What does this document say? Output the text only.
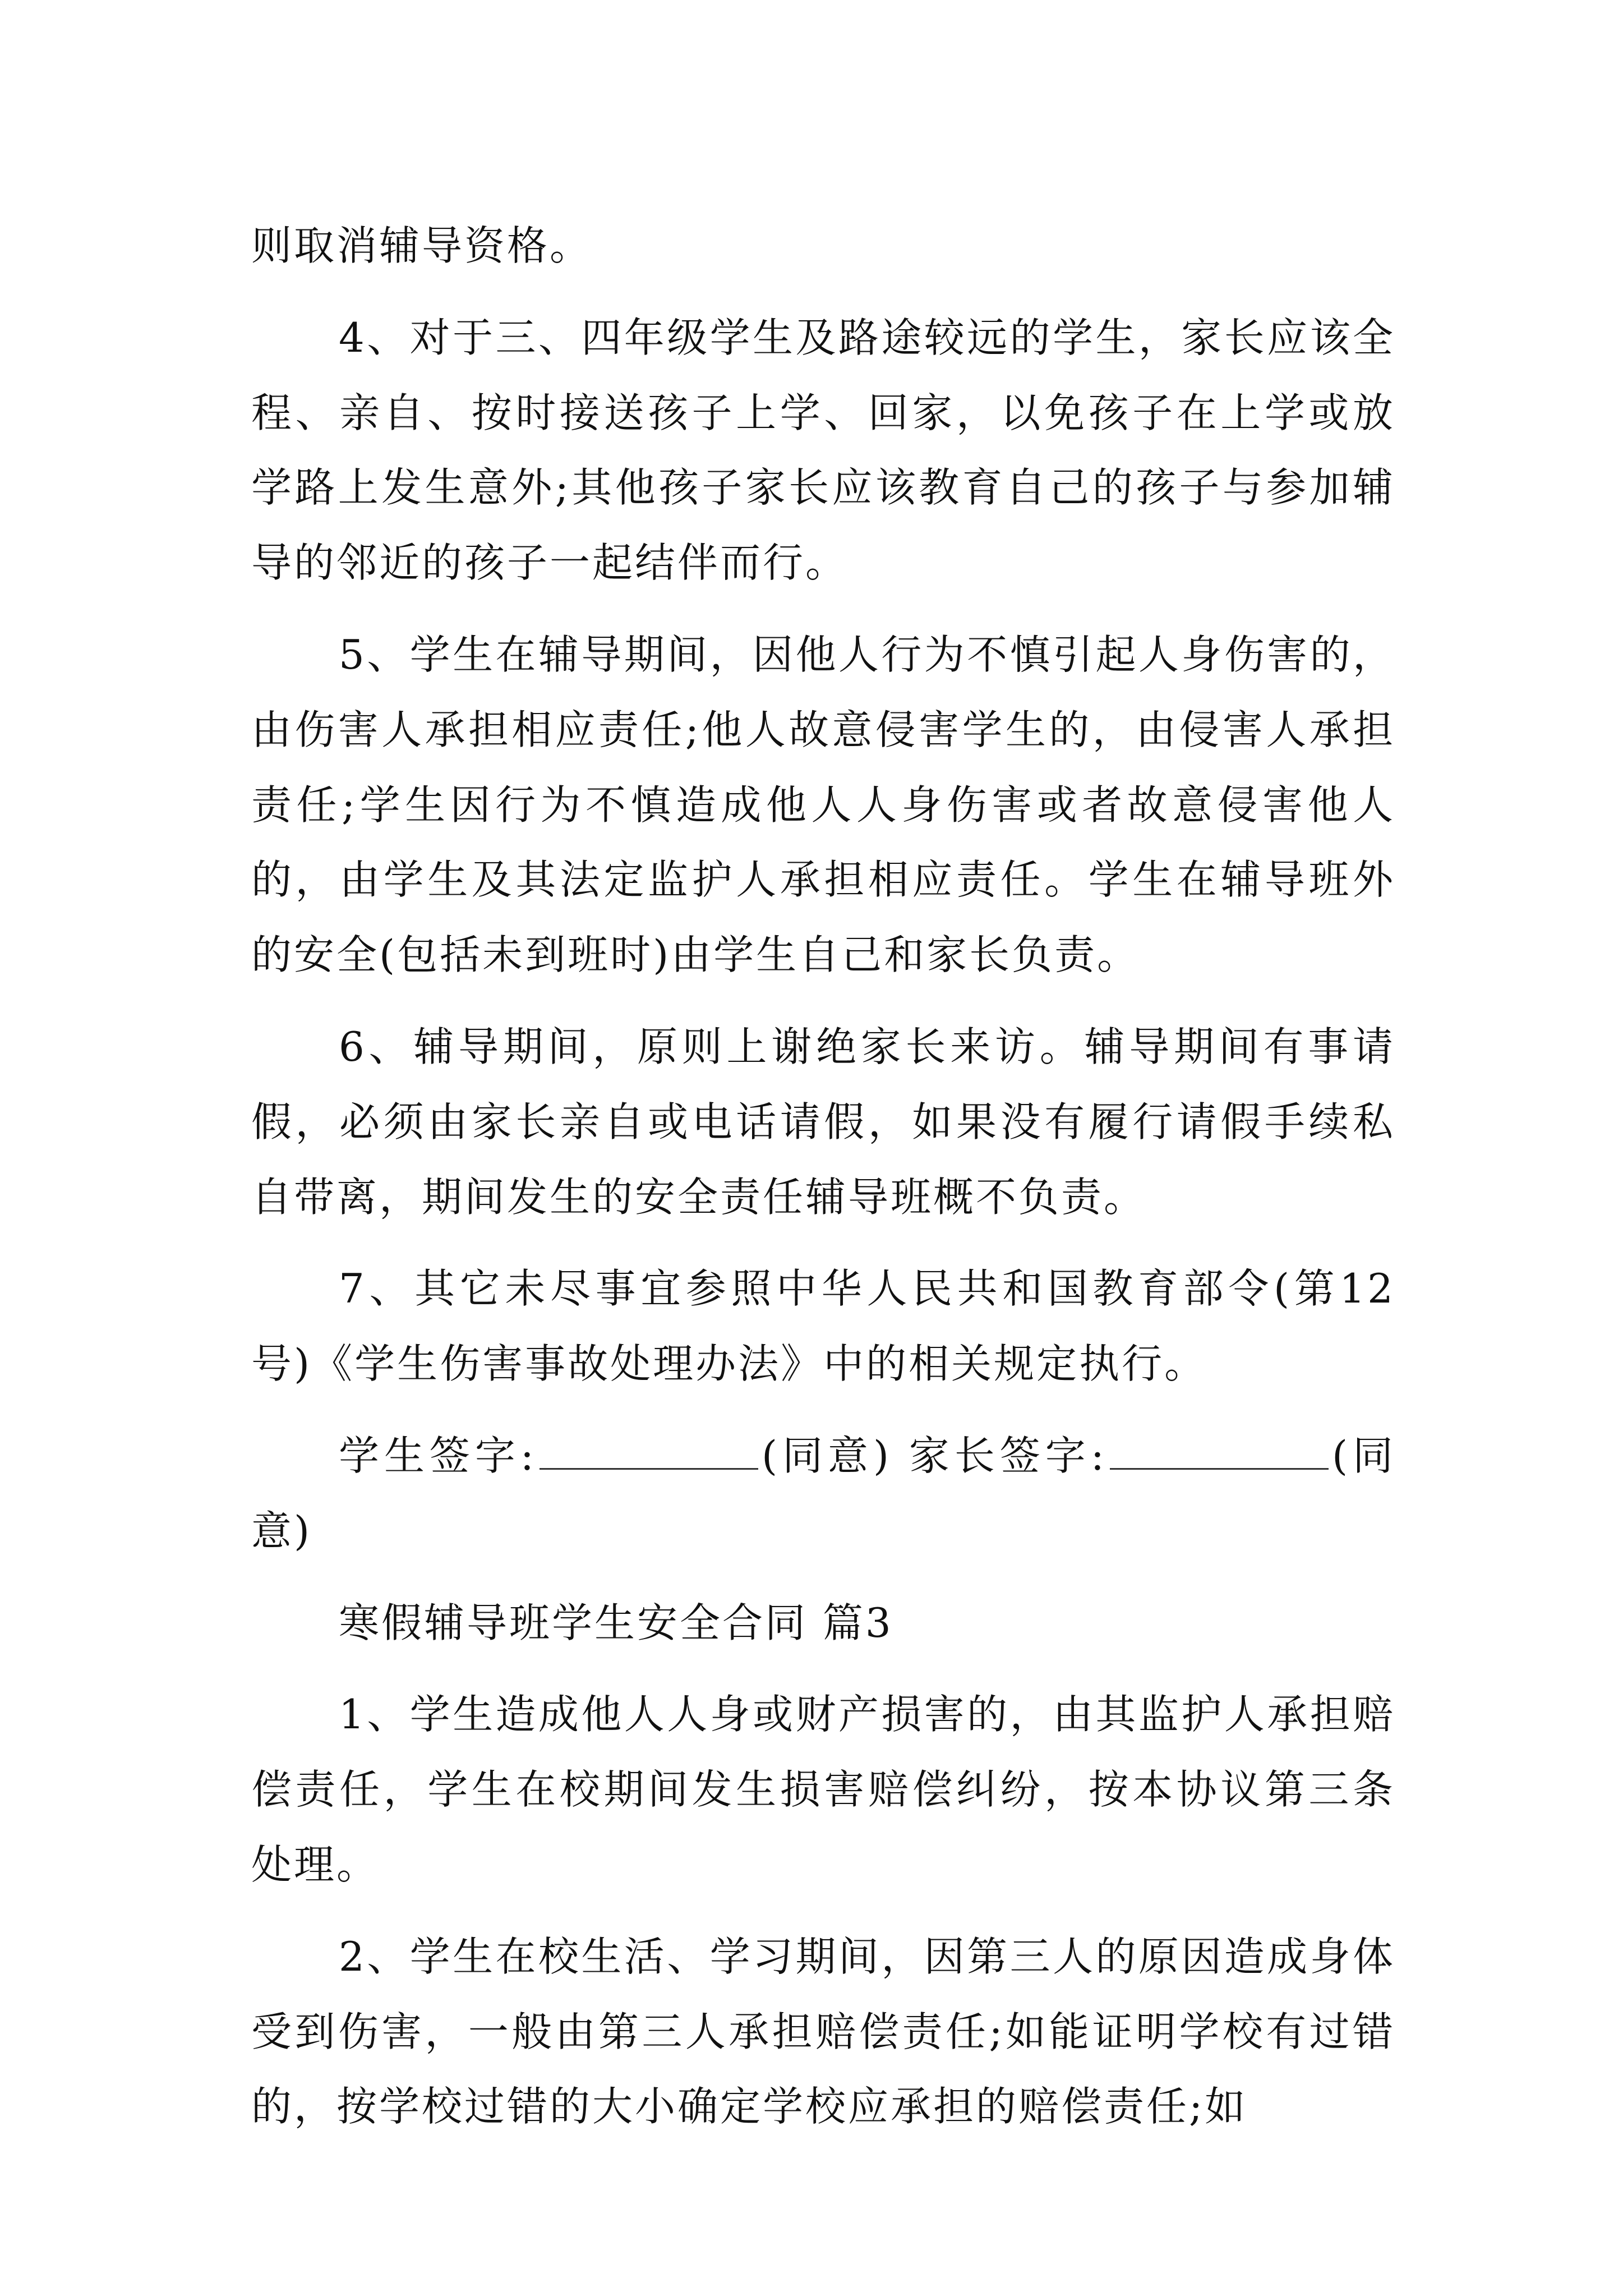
则取消辅导资格。

4、对于三、四年级学生及路途较远的学生，家长应该全程、亲自、按时接送孩子上学、回家，以免孩子在上学或放学路上发生意外;其他孩子家长应该教育自己的孩子与参加辅导的邻近的孩子一起结伴而行。

5、学生在辅导期间，因他人行为不慎引起人身伤害的，由伤害人承担相应责任;他人故意侵害学生的，由侵害人承担责任;学生因行为不慎造成他人人身伤害或者故意侵害他人的，由学生及其法定监护人承担相应责任。学生在辅导班外的安全(包括未到班时)由学生自己和家长负责。

6、辅导期间，原则上谢绝家长来访。辅导期间有事请假，必须由家长亲自或电话请假，如果没有履行请假手续私自带离，期间发生的安全责任辅导班概不负责。

7、其它未尽事宜参照中华人民共和国教育部令(第12号)《学生伤害事故处理办法》中的相关规定执行。

学生签字:	(同意) 家长签字:	(同意)

寒假辅导班学生安全合同 篇3

1、学生造成他人人身或财产损害的，由其监护人承担赔偿责任，学生在校期间发生损害赔偿纠纷，按本协议第三条处理。

2、学生在校生活、学习期间，因第三人的原因造成身体受到伤害，一般由第三人承担赔偿责任;如能证明学校有过错的，按学校过错的大小确定学校应承担的赔偿责任;如
